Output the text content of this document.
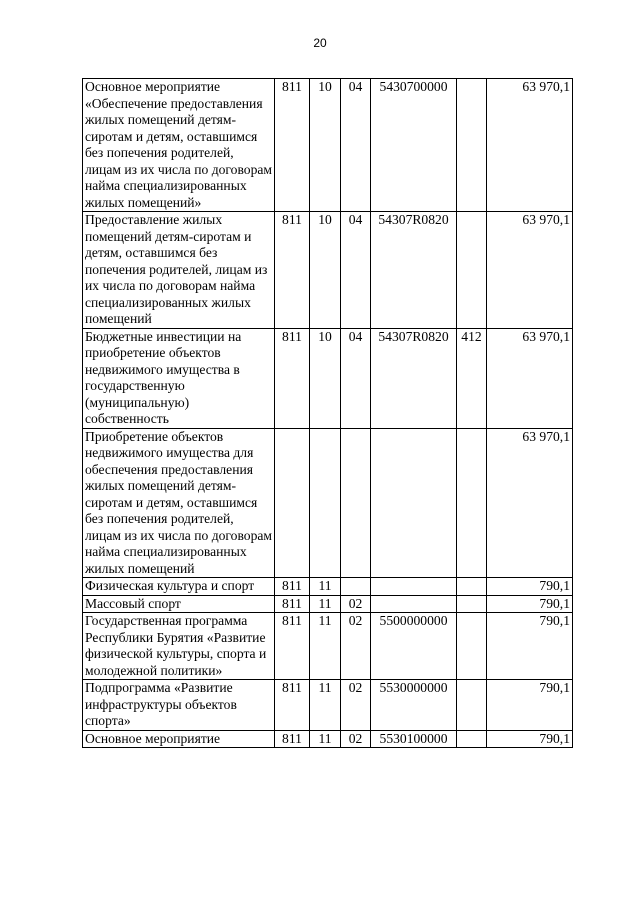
20
Основное мероприятие «Обеспечение предоставления жилых помещений детям-сиротам и детям, оставшимся без попечения родителей, лицам из их числа по договорам найма специализированных жилых помещений»	811	10	04	5430700000		63 970,1
Предоставление жилых помещений детям-сиротам и детям, оставшимся без попечения родителей, лицам из их числа по договорам найма специализированных жилых помещений	811	10	04	54307R0820		63 970,1
Бюджетные инвестиции на приобретение объектов недвижимого имущества в государственную (муниципальную) собственность	811	10	04	54307R0820	412	63 970,1
Приобретение объектов недвижимого имущества для обеспечения предоставления жилых помещений детям-сиротам и детям, оставшимся без попечения родителей, лицам из их числа по договорам найма специализированных жилых помещений						63 970,1
Физическая культура и спорт	811	11				790,1
Массовый спорт	811	11	02			790,1
Государственная программа Республики Бурятия «Развитие физической культуры, спорта и молодежной политики»	811	11	02	5500000000		790,1
Подпрограмма «Развитие инфраструктуры объектов спорта»	811	11	02	5530000000		790,1
Основное мероприятие	811	11	02	5530100000		790,1
